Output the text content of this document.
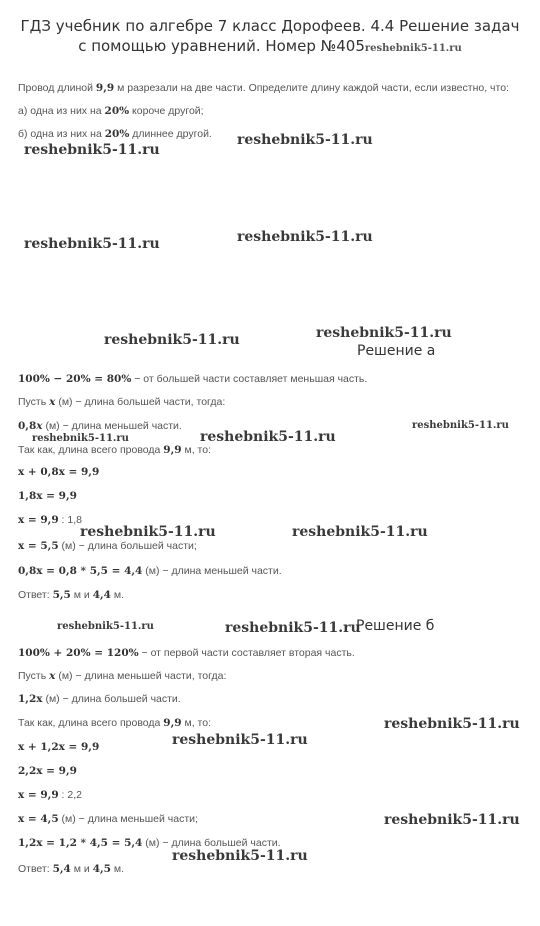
ГДЗ учебник по алгебре 7 класс Дорофеев. 4.4 Решение задач
с помощью уравнений. Номер №405reshebnik5-11.ru
Провод длиной 9,9 м разрезали на две части. Определите длину каждой части, если известно, что:
а) одна из них на 20% короче другой;
б) одна из них на 20% длиннее другой.
reshebnik5-11.ru
reshebnik5-11.ru
reshebnik5-11.ru	reshebnik5-11.ru
reshebnik5-11.ru	reshebnik5-11.ru
Решение а
100% − 20% = 80% − от большей части составляет меньшая часть.
Пусть x (м) − длина большей части, тогда:
0,8x (м) − длина меньшей части.
reshebnik5-11.ru	reshebnik5-11.ru
reshebnik5-11.ru
Так как, длина всего провода 9,9 м, то:
x + 0,8x = 9,9
1,8x = 9,9
x = 9,9 : 1,8
reshebnik5-11.ru	reshebnik5-11.ru
x = 5,5 (м) − длина большей части;
0,8x = 0,8 * 5,5 = 4,4 (м) − длина меньшей части.
Ответ: 5,5 м и 4,4 м.
reshebnik5-11.ru	reshebnik5-11.ru
Решение б
100% + 20% = 120% − от первой части составляет вторая часть.
Пусть x (м) − длина меньшей части, тогда:
1,2x (м) − длина большей части.
Так как, длина всего провода 9,9 м, то:	reshebnik5-11.ru
reshebnik5-11.ru
x + 1,2x = 9,9
2,2x = 9,9
x = 9,9 : 2,2
x = 4,5 (м) − длина меньшей части;	reshebnik5-11.ru
1,2x = 1,2 * 4,5 = 5,4 (м) − длина большей части.
reshebnik5-11.ru
Ответ: 5,4 м и 4,5 м.
